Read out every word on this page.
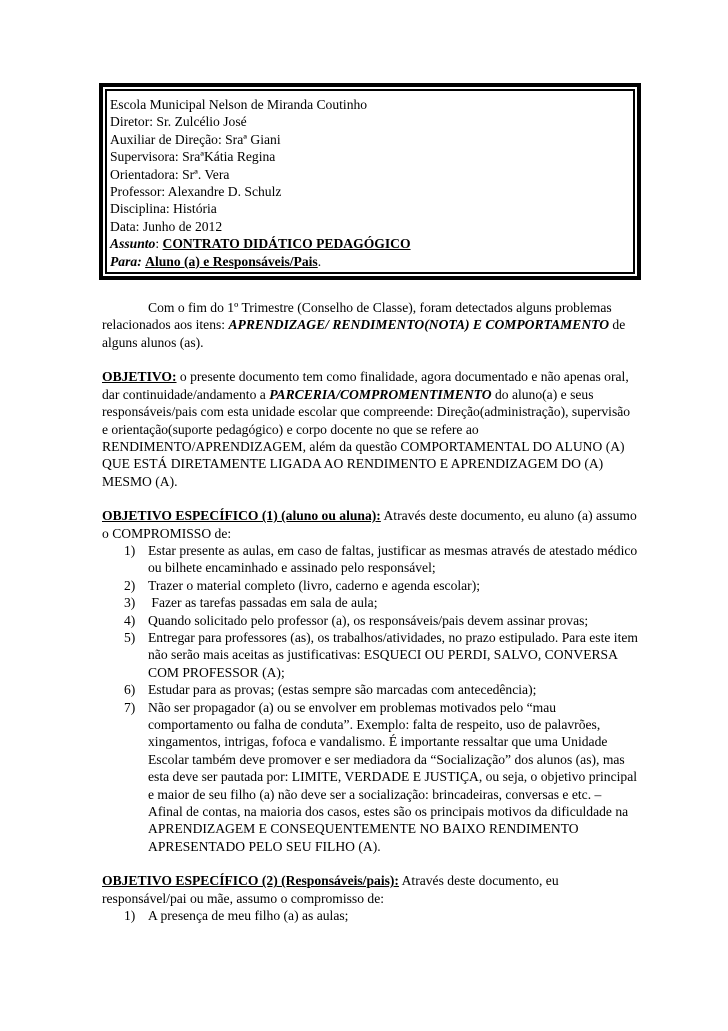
Escola Municipal Nelson de Miranda Coutinho
Diretor: Sr. Zulcélio José
Auxiliar de Direção: Sraª Giani
Supervisora: SraªKátia Regina
Orientadora: Srª. Vera
Professor: Alexandre D. Schulz
Disciplina: História
Data: Junho de 2012
Assunto: CONTRATO DIDÁTICO PEDAGÓGICO
Para: Aluno (a) e Responsáveis/Pais.

Com o fim do 1º Trimestre (Conselho de Classe), foram detectados alguns problemas relacionados aos itens: APRENDIZAGE/ RENDIMENTO(NOTA) E COMPORTAMENTO de alguns alunos (as).

OBJETIVO: o presente documento tem como finalidade, agora documentado e não apenas oral, dar continuidade/andamento a PARCERIA/COMPROMENTIMENTO do aluno(a) e seus responsáveis/pais com esta unidade escolar que compreende: Direção(administração), supervisão e orientação(suporte pedagógico) e corpo docente no que se refere ao RENDIMENTO/APRENDIZAGEM, além da questão COMPORTAMENTAL DO ALUNO (A) QUE ESTÁ DIRETAMENTE LIGADA AO RENDIMENTO E APRENDIZAGEM DO (A) MESMO (A).

OBJETIVO ESPECÍFICO (1) (aluno ou aluna): Através deste documento, eu aluno (a) assumo o COMPROMISSO de:

1) Estar presente as aulas, em caso de faltas, justificar as mesmas através de atestado médico ou bilhete encaminhado e assinado pelo responsável;
2) Trazer o material completo (livro, caderno e agenda escolar);
3) Fazer as tarefas passadas em sala de aula;
4) Quando solicitado pelo professor (a), os responsáveis/pais devem assinar provas;
5) Entregar para professores (as), os trabalhos/atividades, no prazo estipulado. Para este item não serão mais aceitas as justificativas: ESQUECI OU PERDI, SALVO, CONVERSA COM PROFESSOR (A);
6) Estudar para as provas; (estas sempre são marcadas com antecedência);
7) Não ser propagador (a) ou se envolver em problemas motivados pelo “mau comportamento ou falha de conduta”. Exemplo: falta de respeito, uso de palavrões, xingamentos, intrigas, fofoca e vandalismo. É importante ressaltar que uma Unidade Escolar também deve promover e ser mediadora da “Socialização” dos alunos (as), mas esta deve ser pautada por: LIMITE, VERDADE E JUSTIÇA, ou seja, o objetivo principal e maior de seu filho (a) não deve ser a socialização: brincadeiras, conversas e etc. – Afinal de contas, na maioria dos casos, estes são os principais motivos da dificuldade na APRENDIZAGEM E CONSEQUENTEMENTE NO BAIXO RENDIMENTO APRESENTADO PELO SEU FILHO (A).

OBJETIVO ESPECÍFICO (2) (Responsáveis/pais): Através deste documento, eu responsável/pai ou mãe, assumo o compromisso de:

1) A presença de meu filho (a) as aulas;
